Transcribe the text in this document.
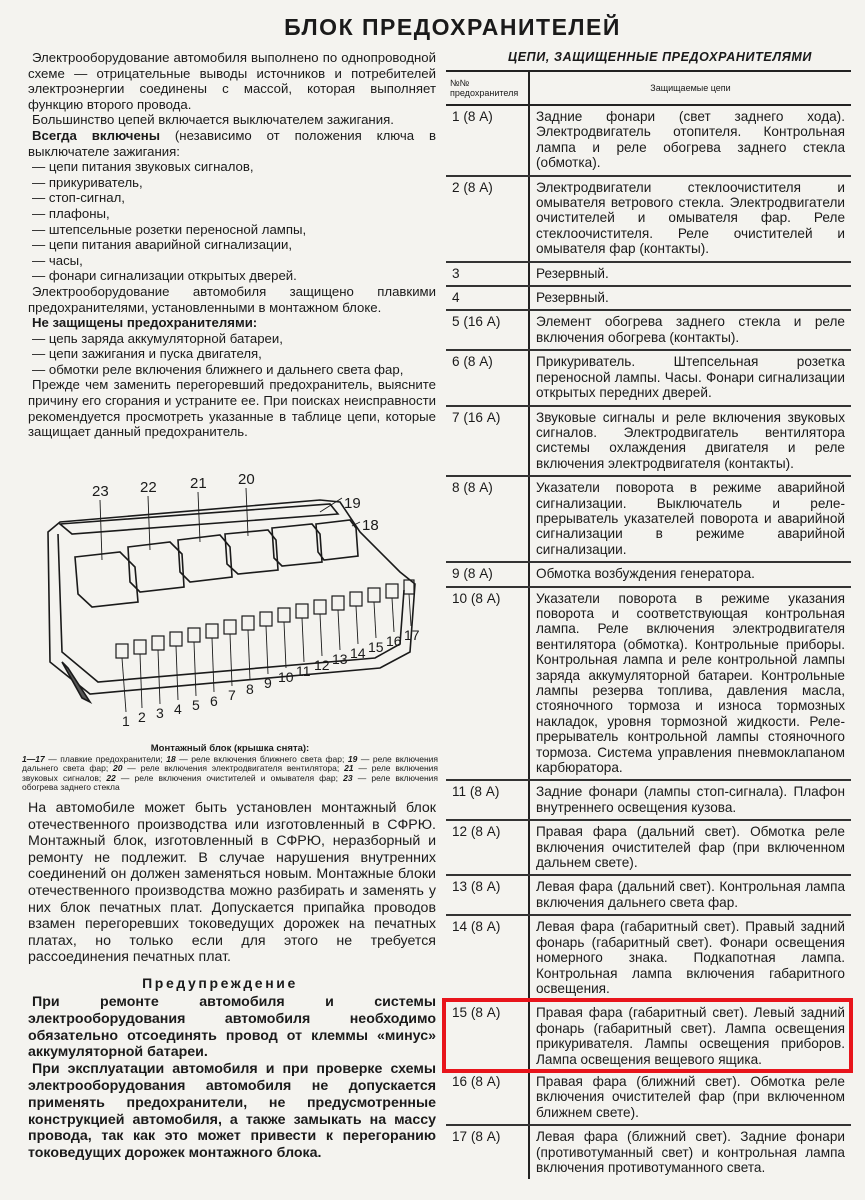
БЛОК ПРЕДОХРАНИТЕЛЕЙ

Электрооборудование автомобиля выполнено по однопроводной схеме — отрицательные выводы источников и потребителей электроэнергии соединены с массой, которая выполняет функцию второго провода.

Большинство цепей включается выключателем зажигания.

Всегда включены (независимо от положения ключа в выключателе зажигания:

— цепи питания звуковых сигналов,
— прикуриватель,
— стоп-сигнал,
— плафоны,
— штепсельные розетки переносной лампы,
— цепи питания аварийной сигнализации,
— часы,
— фонари сигнализации открытых дверей.

Электрооборудование автомобиля защищено плавкими предохранителями, установленными в монтажном блоке.

Не защищены предохранителями:

— цепь заряда аккумуляторной батареи,
— цепи зажигания и пуска двигателя,
— обмотки реле включения ближнего и дальнего света фар,

Прежде чем заменить перегоревший предохранитель, выясните причину его сгорания и устраните ее. При поисках неисправности рекомендуется просмотреть указанные в таблице цепи, которые защищает данный предохранитель.

23 22 21 20
19
18
1 2 3 4 5 6 7 8 9 10 11 12 13 14 15 16 17
Монтажный блок (крышка снята):
1—17 — плавкие предохранители; 18 — реле включения ближнего света фар; 19 — реле включения дальнего света фар; 20 — реле включения электродвигателя вентилятора; 21 — реле включения звуковых сигналов; 22 — реле включения очистителей и омывателя фар; 23 — реле включения обогрева заднего стекла
На автомобиле может быть установлен монтажный блок отечественного производства или изготовленный в СФРЮ. Монтажный блок, изготовленный в СФРЮ, неразборный и ремонту не подлежит. В случае нарушения внутренних соединений он должен заменяться новым. Монтажные блоки отечественного производства можно разбирать и заменять у них блок печатных плат. Допускается припайка проводов взамен перегоревших токоведущих дорожек на печатных платах, но только если для этого не требуется рассоединения печатных плат.
Предупреждение

При ремонте автомобиля и системы электрооборудования автомобиля необходимо обязательно отсоединять провод от клеммы «минус» аккумуляторной батареи.

При эксплуатации автомобиля и при проверке схемы электрооборудования автомобиля не допускается применять предохранители, не предусмотренные конструкцией автомобиля, а также замыкать на массу провода, так как это может привести к перегоранию токоведущих дорожек монтажного блока.

ЦЕПИ, ЗАЩИЩЕННЫЕ ПРЕДОХРАНИТЕЛЯМИ
№№ предохранителя	Защищаемые цепи
1 (8 А)	Задние фонари (свет заднего хода). Электродвигатель отопителя. Контрольная лампа и реле обогрева заднего стекла (обмотка).
2 (8 А)	Электродвигатели стеклоочистителя и омывателя ветрового стекла. Электродвигатели очистителей и омывателя фар. Реле стеклоочистителя. Реле очистителей и омывателя фар (контакты).
3	Резервный.
4	Резервный.
5 (16 А)	Элемент обогрева заднего стекла и реле включения обогрева (контакты).
6 (8 А)	Прикуриватель. Штепсельная розетка переносной лампы. Часы. Фонари сигнализации открытых передних дверей.
7 (16 А)	Звуковые сигналы и реле включения звуковых сигналов. Электродвигатель вентилятора системы охлаждения двигателя и реле включения электродвигателя (контакты).
8 (8 А)	Указатели поворота в режиме аварийной сигнализации. Выключатель и реле-прерыватель указателей поворота и аварийной сигнализации в режиме аварийной сигнализации.
9 (8 А)	Обмотка возбуждения генератора.
10 (8 А)	Указатели поворота в режиме указания поворота и соответствующая контрольная лампа. Реле включения электродвигателя вентилятора (обмотка). Контрольные приборы. Контрольная лампа и реле контрольной лампы заряда аккумуляторной батареи. Контрольные лампы резерва топлива, давления масла, стояночного тормоза и износа тормозных накладок, уровня тормозной жидкости. Реле-прерыватель контрольной лампы стояночного тормоза. Система управления пневмоклапаном карбюратора.
11 (8 А)	Задние фонари (лампы стоп-сигнала). Плафон внутреннего освещения кузова.
12 (8 А)	Правая фара (дальний свет). Обмотка реле включения очистителей фар (при включенном дальнем свете).
13 (8 А)	Левая фара (дальний свет). Контрольная лампа включения дальнего света фар.
14 (8 А)	Левая фара (габаритный свет). Правый задний фонарь (габаритный свет). Фонари освещения номерного знака. Подкапотная лампа. Контрольная лампа включения габаритного освещения.
15 (8 А)	Правая фара (габаритный свет). Левый задний фонарь (габаритный свет). Лампа освещения прикуривателя. Лампы освещения приборов. Лампа освещения вещевого ящика.
16 (8 А)	Правая фара (ближний свет). Обмотка реле включения очистителей фар (при включенном ближнем свете).
17 (8 А)	Левая фара (ближний свет). Задние фонари (противотуманный свет) и контрольная лампа включения противотуманного света.
